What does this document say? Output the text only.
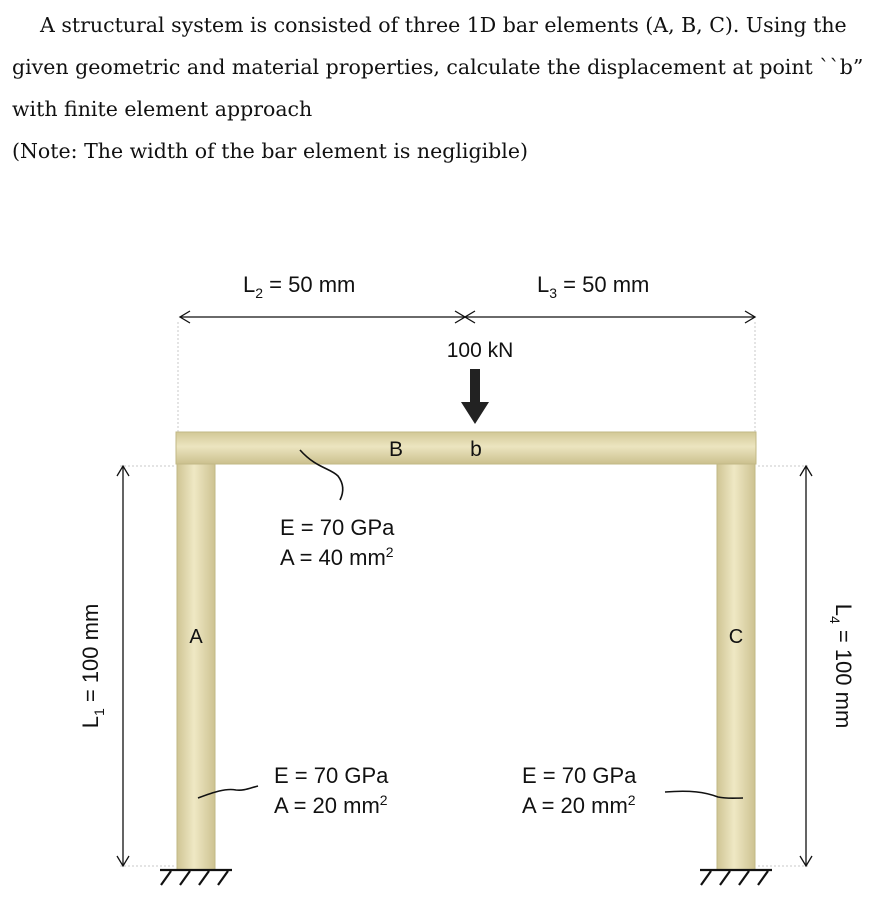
A structural system is consisted of three 1D bar elements (A, B, C). Using the

given geometric and material properties, calculate the displacement at point ``b”

with finite element approach

(Note: The width of the bar element is negligible)

$L_2 = 50$ mm	$L_3 = 50$ mm
$L_1 = 100$ mm	$L_4 = 100$ mm
100 kN
B	b
A	C
E = 70 GPa
A = 40 $mm^2$
E = 70 GPa
A = 20 $mm^2$
E = 70 GPa
A = 20 $mm^2$
